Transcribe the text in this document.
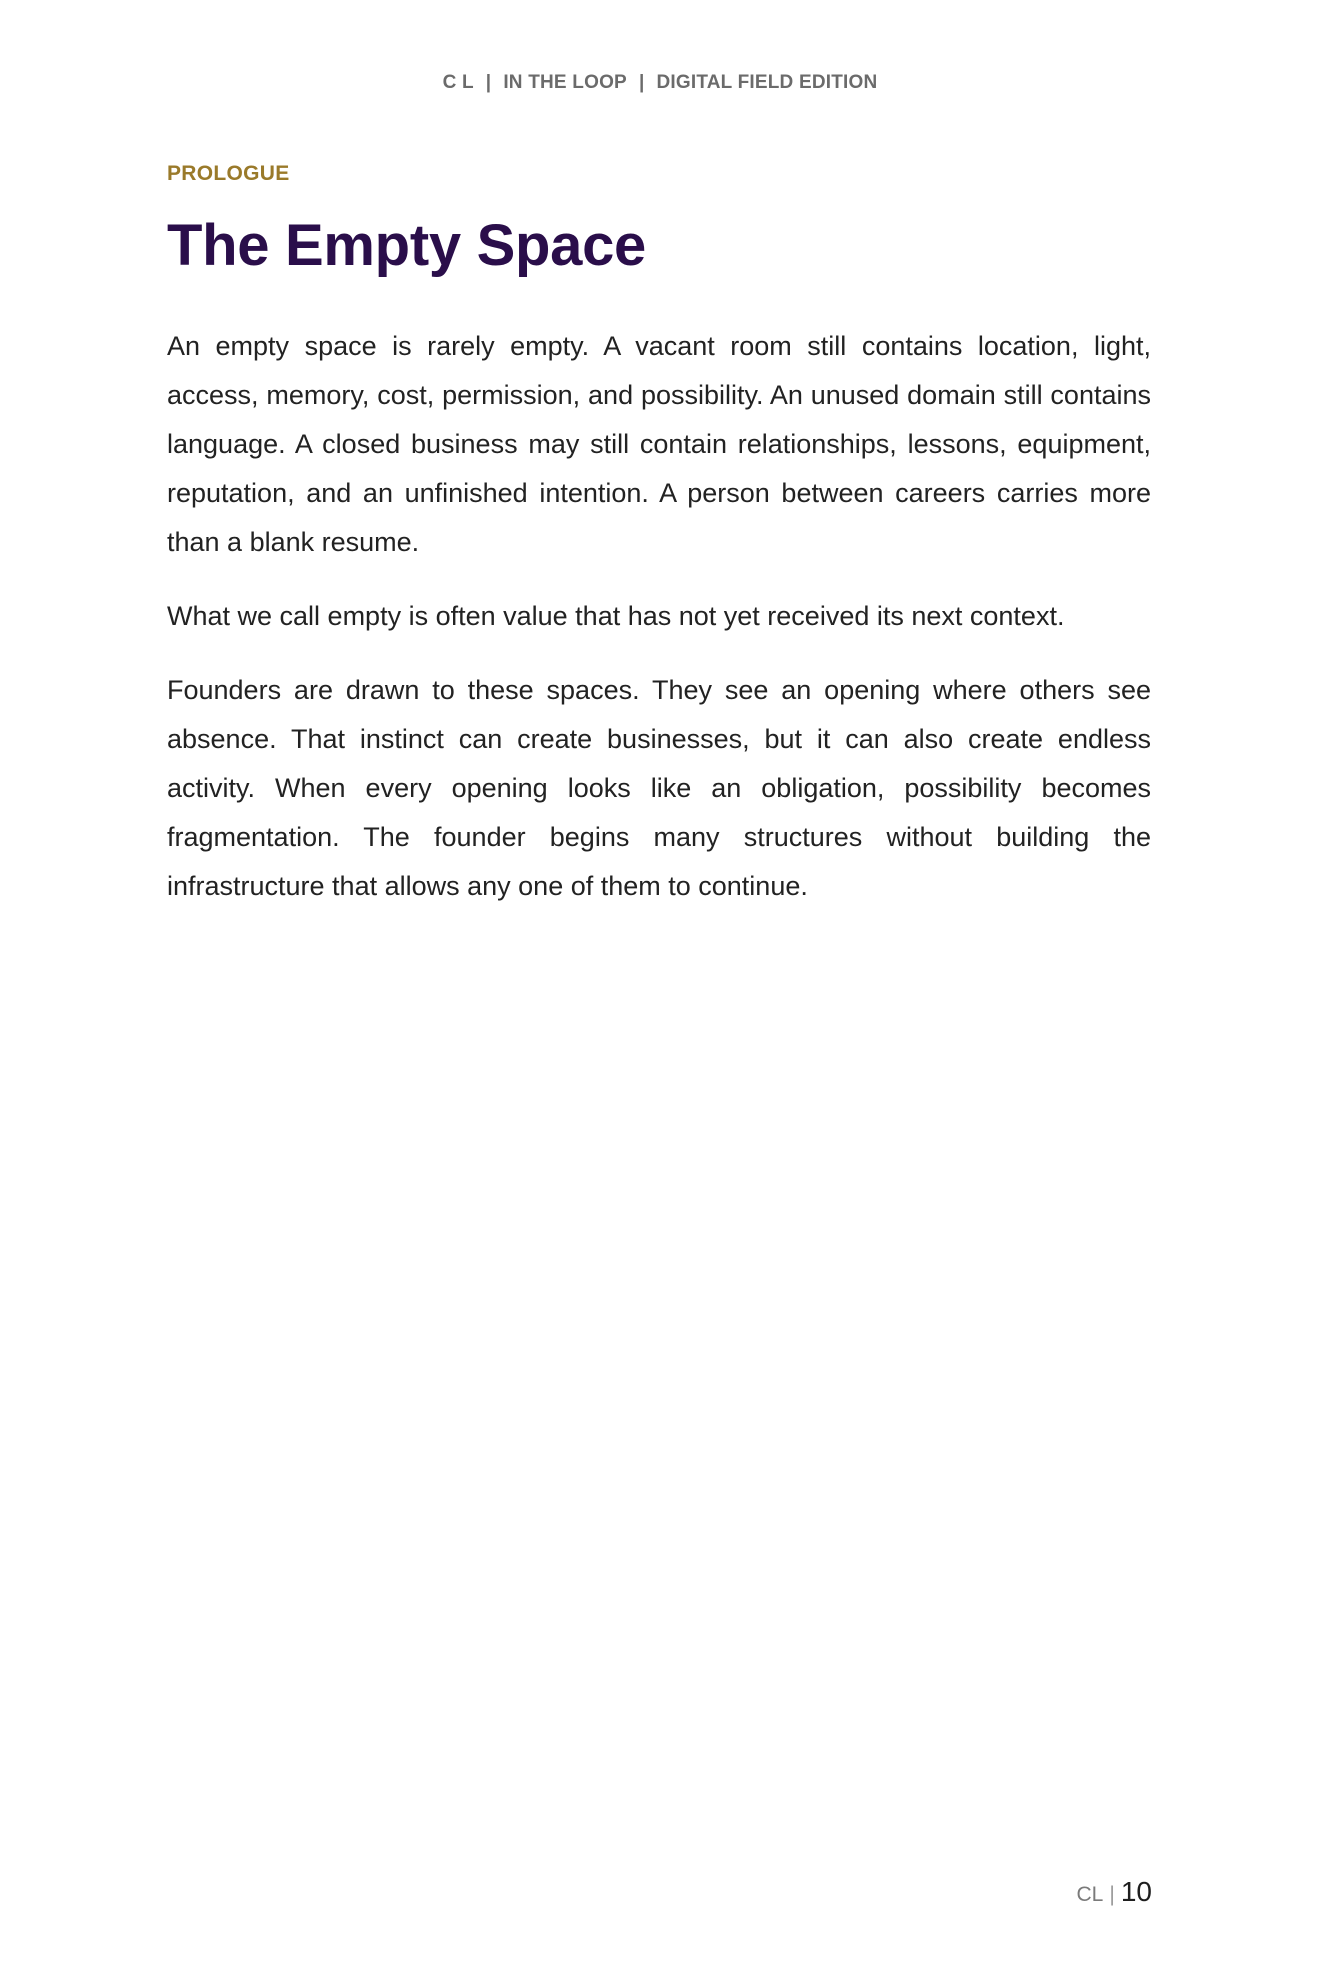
C L | IN THE LOOP | DIGITAL FIELD EDITION
PROLOGUE
The Empty Space

An empty space is rarely empty. A vacant room still contains location, light, access, memory, cost, permission, and possibility. An unused domain still contains language. A closed business may still contain relationships, lessons, equipment, reputation, and an unfinished intention. A person between careers carries more than a blank resume.

What we call empty is often value that has not yet received its next context.

Founders are drawn to these spaces. They see an opening where others see absence. That instinct can create businesses, but it can also create endless activity. When every opening looks like an obligation, possibility becomes fragmentation. The founder begins many structures without building the infrastructure that allows any one of them to continue.

CL | 10
